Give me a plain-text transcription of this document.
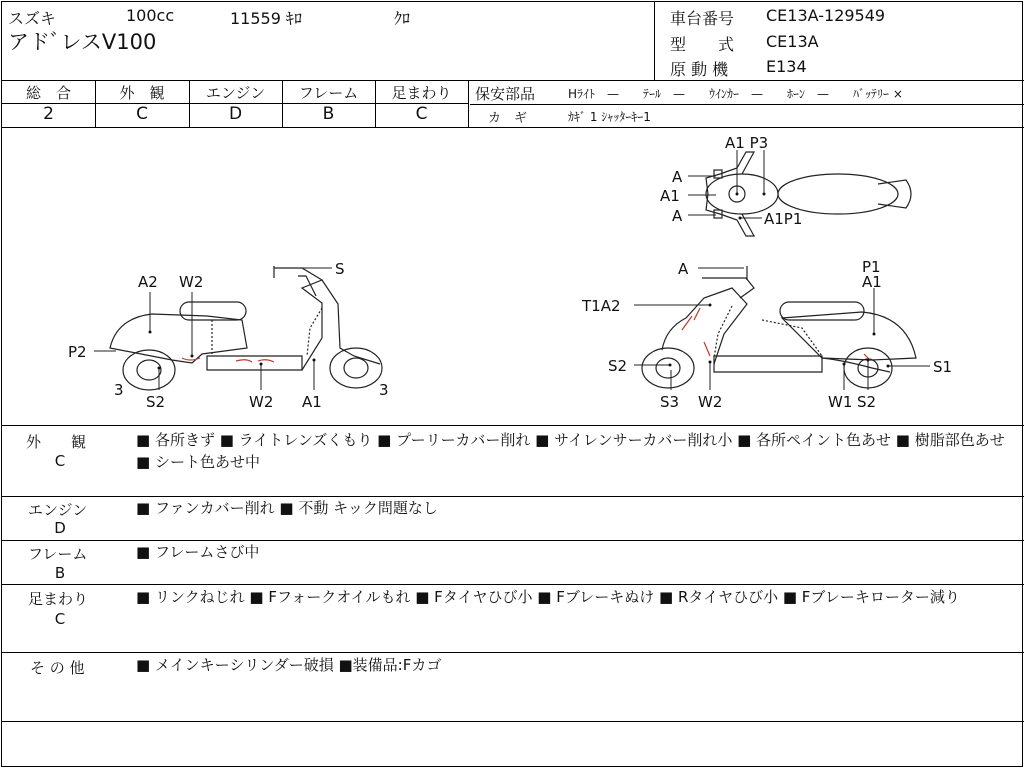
スズキ	100cc	11559 ｷﾛ	ｸﾛ
アドﾞレスV100
車台番号 CE13A-129549
型　　式 CE13A
原 動 機 E134
総　合
2
外　観
C
エンジン
D
フレーム
B
足まわり
C
保安部品	Hﾗｲﾄ　—　　ﾃｰﾙ　—　　ｳｲﾝｶｰ　—　　ﾎｰﾝ　—　　ﾊﾞｯﾃﾘｰ ×
カ　ギ	ｶｷﾞ 1 ｼｬｯﾀｰｷｰ1
S
A2 W2
P2
3
S2	W2 A1
3
A	P1
A1
T1A2
S2	S1
S3 W2	W1 S2
A1 P3
A
A1
A	A1P1
外　　観
C
■ 各所きず ■ ライトレンズくもり ■ プーリーカバー削れ ■ サイレンサーカバー削れ小 ■ 各所ペイント色あせ ■ 樹脂部色あせ ■ シート色あせ中
エンジン
D
■ ファンカバー削れ ■ 不動 キック問題なし
フレーム
B
■ フレームさび中
足まわり
C
■ リンクねじれ ■ Fフォークオイルもれ ■ Fタイヤひび小 ■ Fブレーキぬけ ■ Rタイヤひび小 ■ Fブレーキローター減り
そ の 他	■ メインキーシリンダー破損 ■装備品:Fカゴ
